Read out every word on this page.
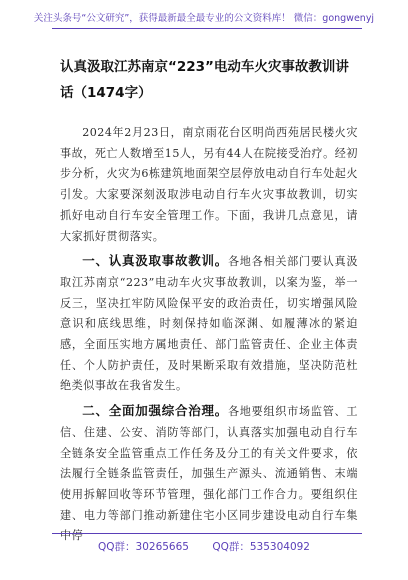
关注头条号“公文研究”，获得最新最全最专业的公文资料库！ 微信：gongwenyj
认真汲取江苏南京“223”电动车火灾事故教训讲话（1474字）

2024年2月23日，南京雨花台区明尚西苑居民楼火灾事故，死亡人数增至15人，另有44人在院接受治疗。经初步分析，火灾为6栋建筑地面架空层停放电动自行车处起火引发。大家要深刻汲取涉电动自行车火灾事故教训，切实抓好电动自行车安全管理工作。下面，我讲几点意见，请大家抓好贯彻落实。

一、认真汲取事故教训。各地各相关部门要认真汲取江苏南京“223”电动车火灾事故教训，以案为鉴，举一反三，坚决扛牢防风险保平安的政治责任，切实增强风险意识和底线思维，时刻保持如临深渊、如履薄冰的紧迫感，全面压实地方属地责任、部门监管责任、企业主体责任、个人防护责任，及时果断采取有效措施，坚决防范杜绝类似事故在我省发生。

二、全面加强综合治理。各地要组织市场监管、工信、住建、公安、消防等部门，认真落实加强电动自行车全链条安全监管重点工作任务及分工的有关文件要求，依法履行全链条监管责任，加强生产源头、流通销售、末端使用拆解回收等环节管理，强化部门工作合力。要组织住建、电力等部门推动新建住宅小区同步建设电动自行车集中停

QQ群：30265665 QQ群：535304092
